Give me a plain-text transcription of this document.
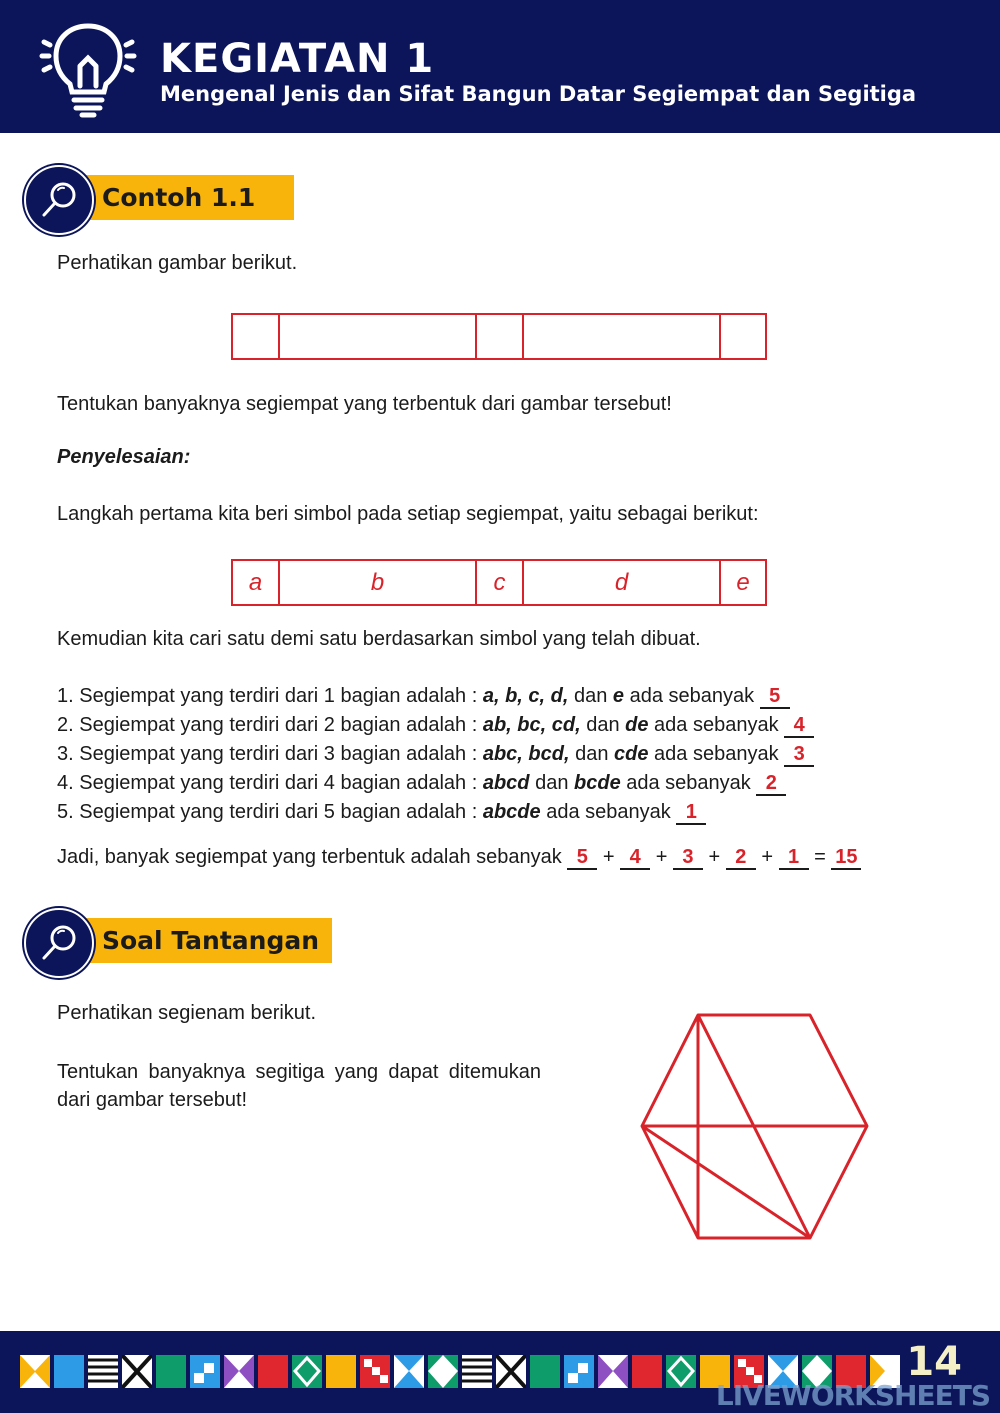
KEGIATAN 1
Mengenal Jenis dan Sifat Bangun Datar Segiempat dan Segitiga
Contoh 1.1
Perhatikan gambar berikut.
Tentukan banyaknya segiempat yang terbentuk dari gambar tersebut!
Penyelesaian:
Langkah pertama kita beri simbol pada setiap segiempat, yaitu sebagai berikut:
a	b	c	d	e
Kemudian kita cari satu demi satu berdasarkan simbol yang telah dibuat.
1. Segiempat yang terdiri dari 1 bagian adalah : a, b, c, d, dan e ada sebanyak 5
2. Segiempat yang terdiri dari 2 bagian adalah : ab, bc, cd, dan de ada sebanyak 4
3. Segiempat yang terdiri dari 3 bagian adalah : abc, bcd, dan cde ada sebanyak 3
4. Segiempat yang terdiri dari 4 bagian adalah : abcd dan bcde ada sebanyak 2
5. Segiempat yang terdiri dari 5 bagian adalah : abcde ada sebanyak 1
Jadi, banyak segiempat yang terbentuk adalah sebanyak 5 + 4 + 3 + 2 + 1 = 15
Soal Tantangan
Perhatikan segienam berikut.
Tentukan banyaknya segitiga yang dapat ditemukan dari gambar tersebut!
14
LIVEWORKSHEETS
